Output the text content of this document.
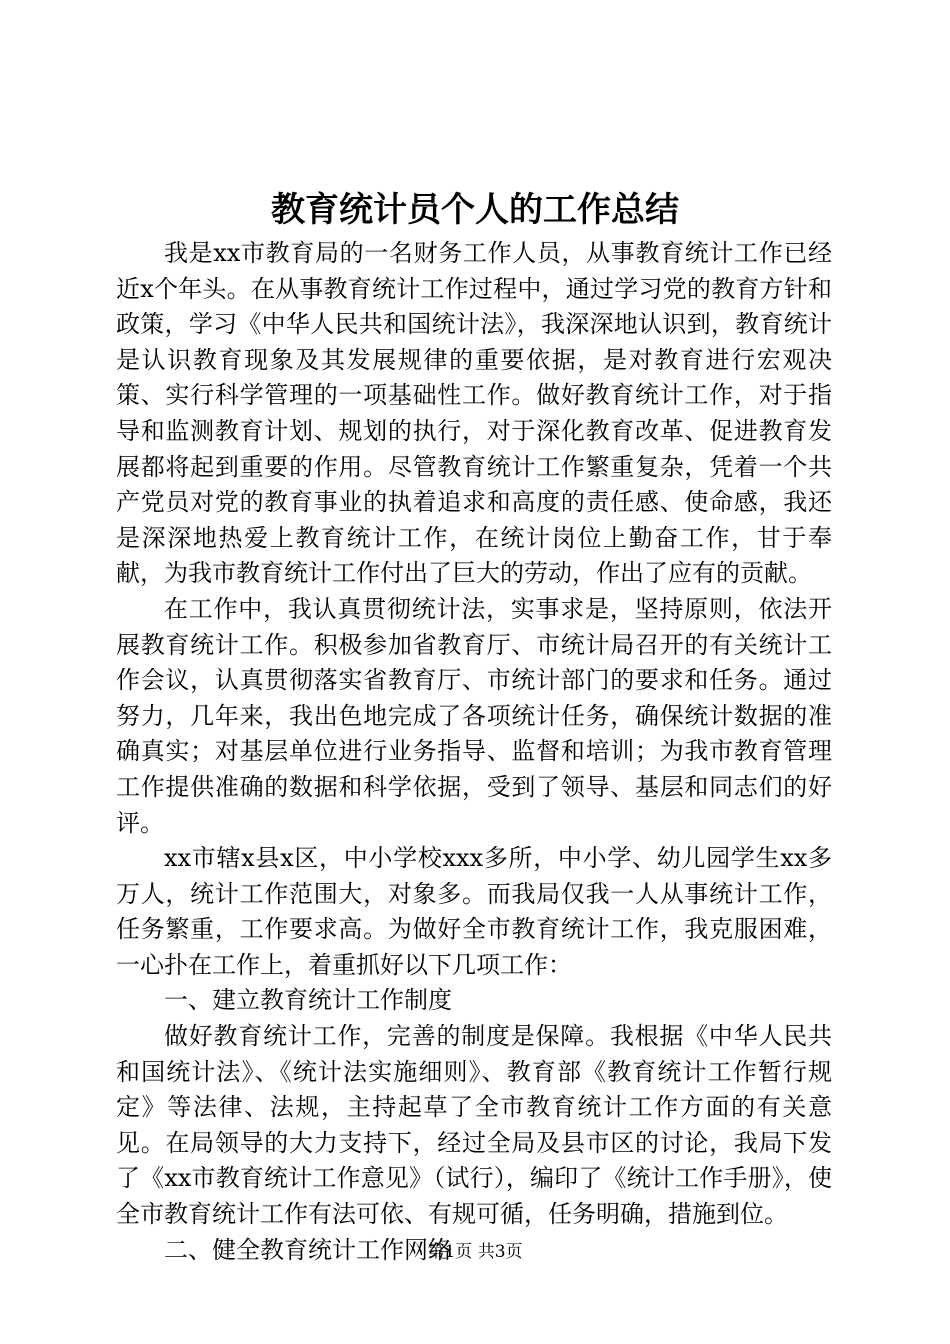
教育统计员个人的工作总结

我是xx市教育局的一名财务工作人员，从事教育统计工作已经近x个年头。在从事教育统计工作过程中，通过学习党的教育方针和政策，学习《中华人民共和国统计法》，我深深地认识到，教育统计是认识教育现象及其发展规律的重要依据，是对教育进行宏观决策、实行科学管理的一项基础性工作。做好教育统计工作，对于指导和监测教育计划、规划的执行，对于深化教育改革、促进教育发展都将起到重要的作用。尽管教育统计工作繁重复杂，凭着一个共产党员对党的教育事业的执着追求和高度的责任感、使命感，我还是深深地热爱上教育统计工作，在统计岗位上勤奋工作，甘于奉献，为我市教育统计工作付出了巨大的劳动，作出了应有的贡献。

在工作中，我认真贯彻统计法，实事求是，坚持原则，依法开展教育统计工作。积极参加省教育厅、市统计局召开的有关统计工作会议，认真贯彻落实省教育厅、市统计部门的要求和任务。通过努力，几年来，我出色地完成了各项统计任务，确保统计数据的准确真实；对基层单位进行业务指导、监督和培训；为我市教育管理工作提供准确的数据和科学依据，受到了领导、基层和同志们的好评。

xx市辖x县x区，中小学校xxx多所，中小学、幼儿园学生xx多万人，统计工作范围大，对象多。而我局仅我一人从事统计工作，任务繁重，工作要求高。为做好全市教育统计工作，我克服困难，一心扑在工作上，着重抓好以下几项工作：

一、建立教育统计工作制度

做好教育统计工作，完善的制度是保障。我根据《中华人民共和国统计法》、《统计法实施细则》、教育部《教育统计工作暂行规定》等法律、法规，主持起草了全市教育统计工作方面的有关意见。在局领导的大力支持下，经过全局及县市区的讨论，我局下发了《xx市教育统计工作意见》（试行），编印了《统计工作手册》，使全市教育统计工作有法可依、有规可循，任务明确，措施到位。

二、健全教育统计工作网络

第1页 共3页
